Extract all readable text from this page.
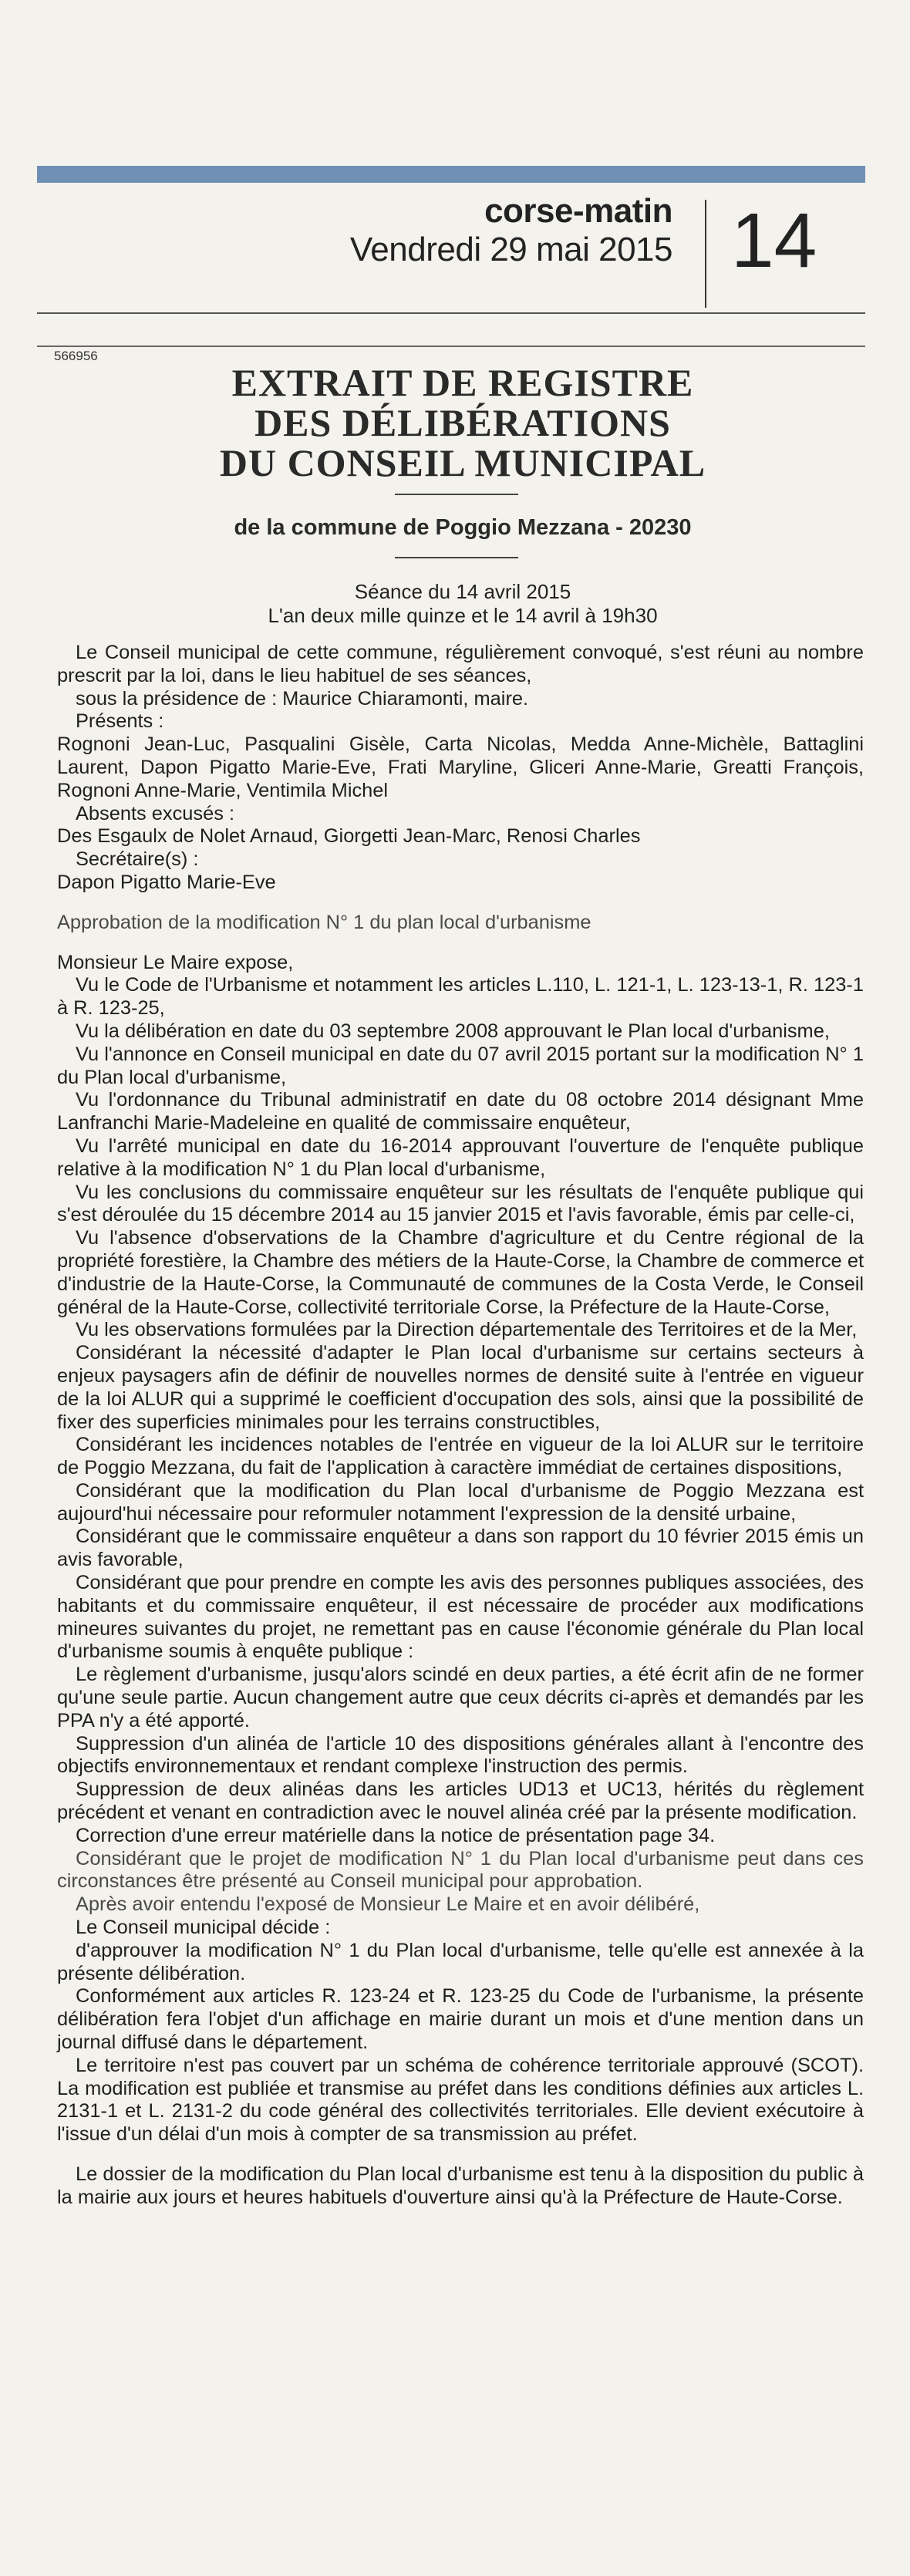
corse-matin
Vendredi 29 mai 2015 14
566956
EXTRAIT DE REGISTRE
DES DÉLIBÉRATIONS
DU CONSEIL MUNICIPAL
de la commune de Poggio Mezzana - 20230
Séance du 14 avril 2015
L'an deux mille quinze et le 14 avril à 19h30

Le Conseil municipal de cette commune, régulièrement convoqué, s'est réuni au nombre prescrit par la loi, dans le lieu habituel de ses séances,

sous la présidence de : Maurice Chiaramonti, maire.

Présents :

Rognoni Jean-Luc, Pasqualini Gisèle, Carta Nicolas, Medda Anne-Michèle, Battaglini Laurent, Dapon Pigatto Marie-Eve, Frati Maryline, Gliceri Anne-Marie, Greatti François, Rognoni Anne-Marie, Ventimila Michel

Absents excusés :

Des Esgaulx de Nolet Arnaud, Giorgetti Jean-Marc, Renosi Charles

Secrétaire(s) :

Dapon Pigatto Marie-Eve

Approbation de la modification N° 1 du plan local d'urbanisme

Monsieur Le Maire expose,

Vu le Code de l'Urbanisme et notamment les articles L.110, L. 121-1, L. 123-13-1, R. 123-1 à R. 123-25,

Vu la délibération en date du 03 septembre 2008 approuvant le Plan local d'urbanisme,

Vu l'annonce en Conseil municipal en date du 07 avril 2015 portant sur la modification N° 1 du Plan local d'urbanisme,

Vu l'ordonnance du Tribunal administratif en date du 08 octobre 2014 désignant Mme Lanfranchi Marie-Madeleine en qualité de commissaire enquêteur,

Vu l'arrêté municipal en date du 16-2014 approuvant l'ouverture de l'enquête publique relative à la modification N° 1 du Plan local d'urbanisme,

Vu les conclusions du commissaire enquêteur sur les résultats de l'enquête publique qui s'est déroulée du 15 décembre 2014 au 15 janvier 2015 et l'avis favorable, émis par celle-ci,

Vu l'absence d'observations de la Chambre d'agriculture et du Centre régional de la propriété forestière, la Chambre des métiers de la Haute-Corse, la Chambre de commerce et d'industrie de la Haute-Corse, la Communauté de communes de la Costa Verde, le Conseil général de la Haute-Corse, collectivité territoriale Corse, la Préfecture de la Haute-Corse,

Vu les observations formulées par la Direction départementale des Territoires et de la Mer,

Considérant la nécessité d'adapter le Plan local d'urbanisme sur certains secteurs à enjeux paysagers afin de définir de nouvelles normes de densité suite à l'entrée en vigueur de la loi ALUR qui a supprimé le coefficient d'occupation des sols, ainsi que la possibilité de fixer des superficies minimales pour les terrains constructibles,

Considérant les incidences notables de l'entrée en vigueur de la loi ALUR sur le territoire de Poggio Mezzana, du fait de l'application à caractère immédiat de certaines dispositions,

Considérant que la modification du Plan local d'urbanisme de Poggio Mezzana est aujourd'hui nécessaire pour reformuler notamment l'expression de la densité urbaine,

Considérant que le commissaire enquêteur a dans son rapport du 10 février 2015 émis un avis favorable,

Considérant que pour prendre en compte les avis des personnes publiques associées, des habitants et du commissaire enquêteur, il est nécessaire de procéder aux modifications mineures suivantes du projet, ne remettant pas en cause l'économie générale du Plan local d'urbanisme soumis à enquête publique :

Le règlement d'urbanisme, jusqu'alors scindé en deux parties, a été écrit afin de ne former qu'une seule partie. Aucun changement autre que ceux décrits ci-après et demandés par les PPA n'y a été apporté.

Suppression d'un alinéa de l'article 10 des dispositions générales allant à l'encontre des objectifs environnementaux et rendant complexe l'instruction des permis.

Suppression de deux alinéas dans les articles UD13 et UC13, hérités du règlement précédent et venant en contradiction avec le nouvel alinéa créé par la présente modification.

Correction d'une erreur matérielle dans la notice de présentation page 34.

Considérant que le projet de modification N° 1 du Plan local d'urbanisme peut dans ces circonstances être présenté au Conseil municipal pour approbation.

Après avoir entendu l'exposé de Monsieur Le Maire et en avoir délibéré,

Le Conseil municipal décide :

d'approuver la modification N° 1 du Plan local d'urbanisme, telle qu'elle est annexée à la présente délibération.

Conformément aux articles R. 123-24 et R. 123-25 du Code de l'urbanisme, la présente délibération fera l'objet d'un affichage en mairie durant un mois et d'une mention dans un journal diffusé dans le département.

Le territoire n'est pas couvert par un schéma de cohérence territoriale approuvé (SCOT). La modification est publiée et transmise au préfet dans les conditions définies aux articles L. 2131-1 et L. 2131-2 du code général des collectivités territoriales. Elle devient exécutoire à l'issue d'un délai d'un mois à compter de sa transmission au préfet.

Le dossier de la modification du Plan local d'urbanisme est tenu à la disposition du public à la mairie aux jours et heures habituels d'ouverture ainsi qu'à la Préfecture de Haute-Corse.
